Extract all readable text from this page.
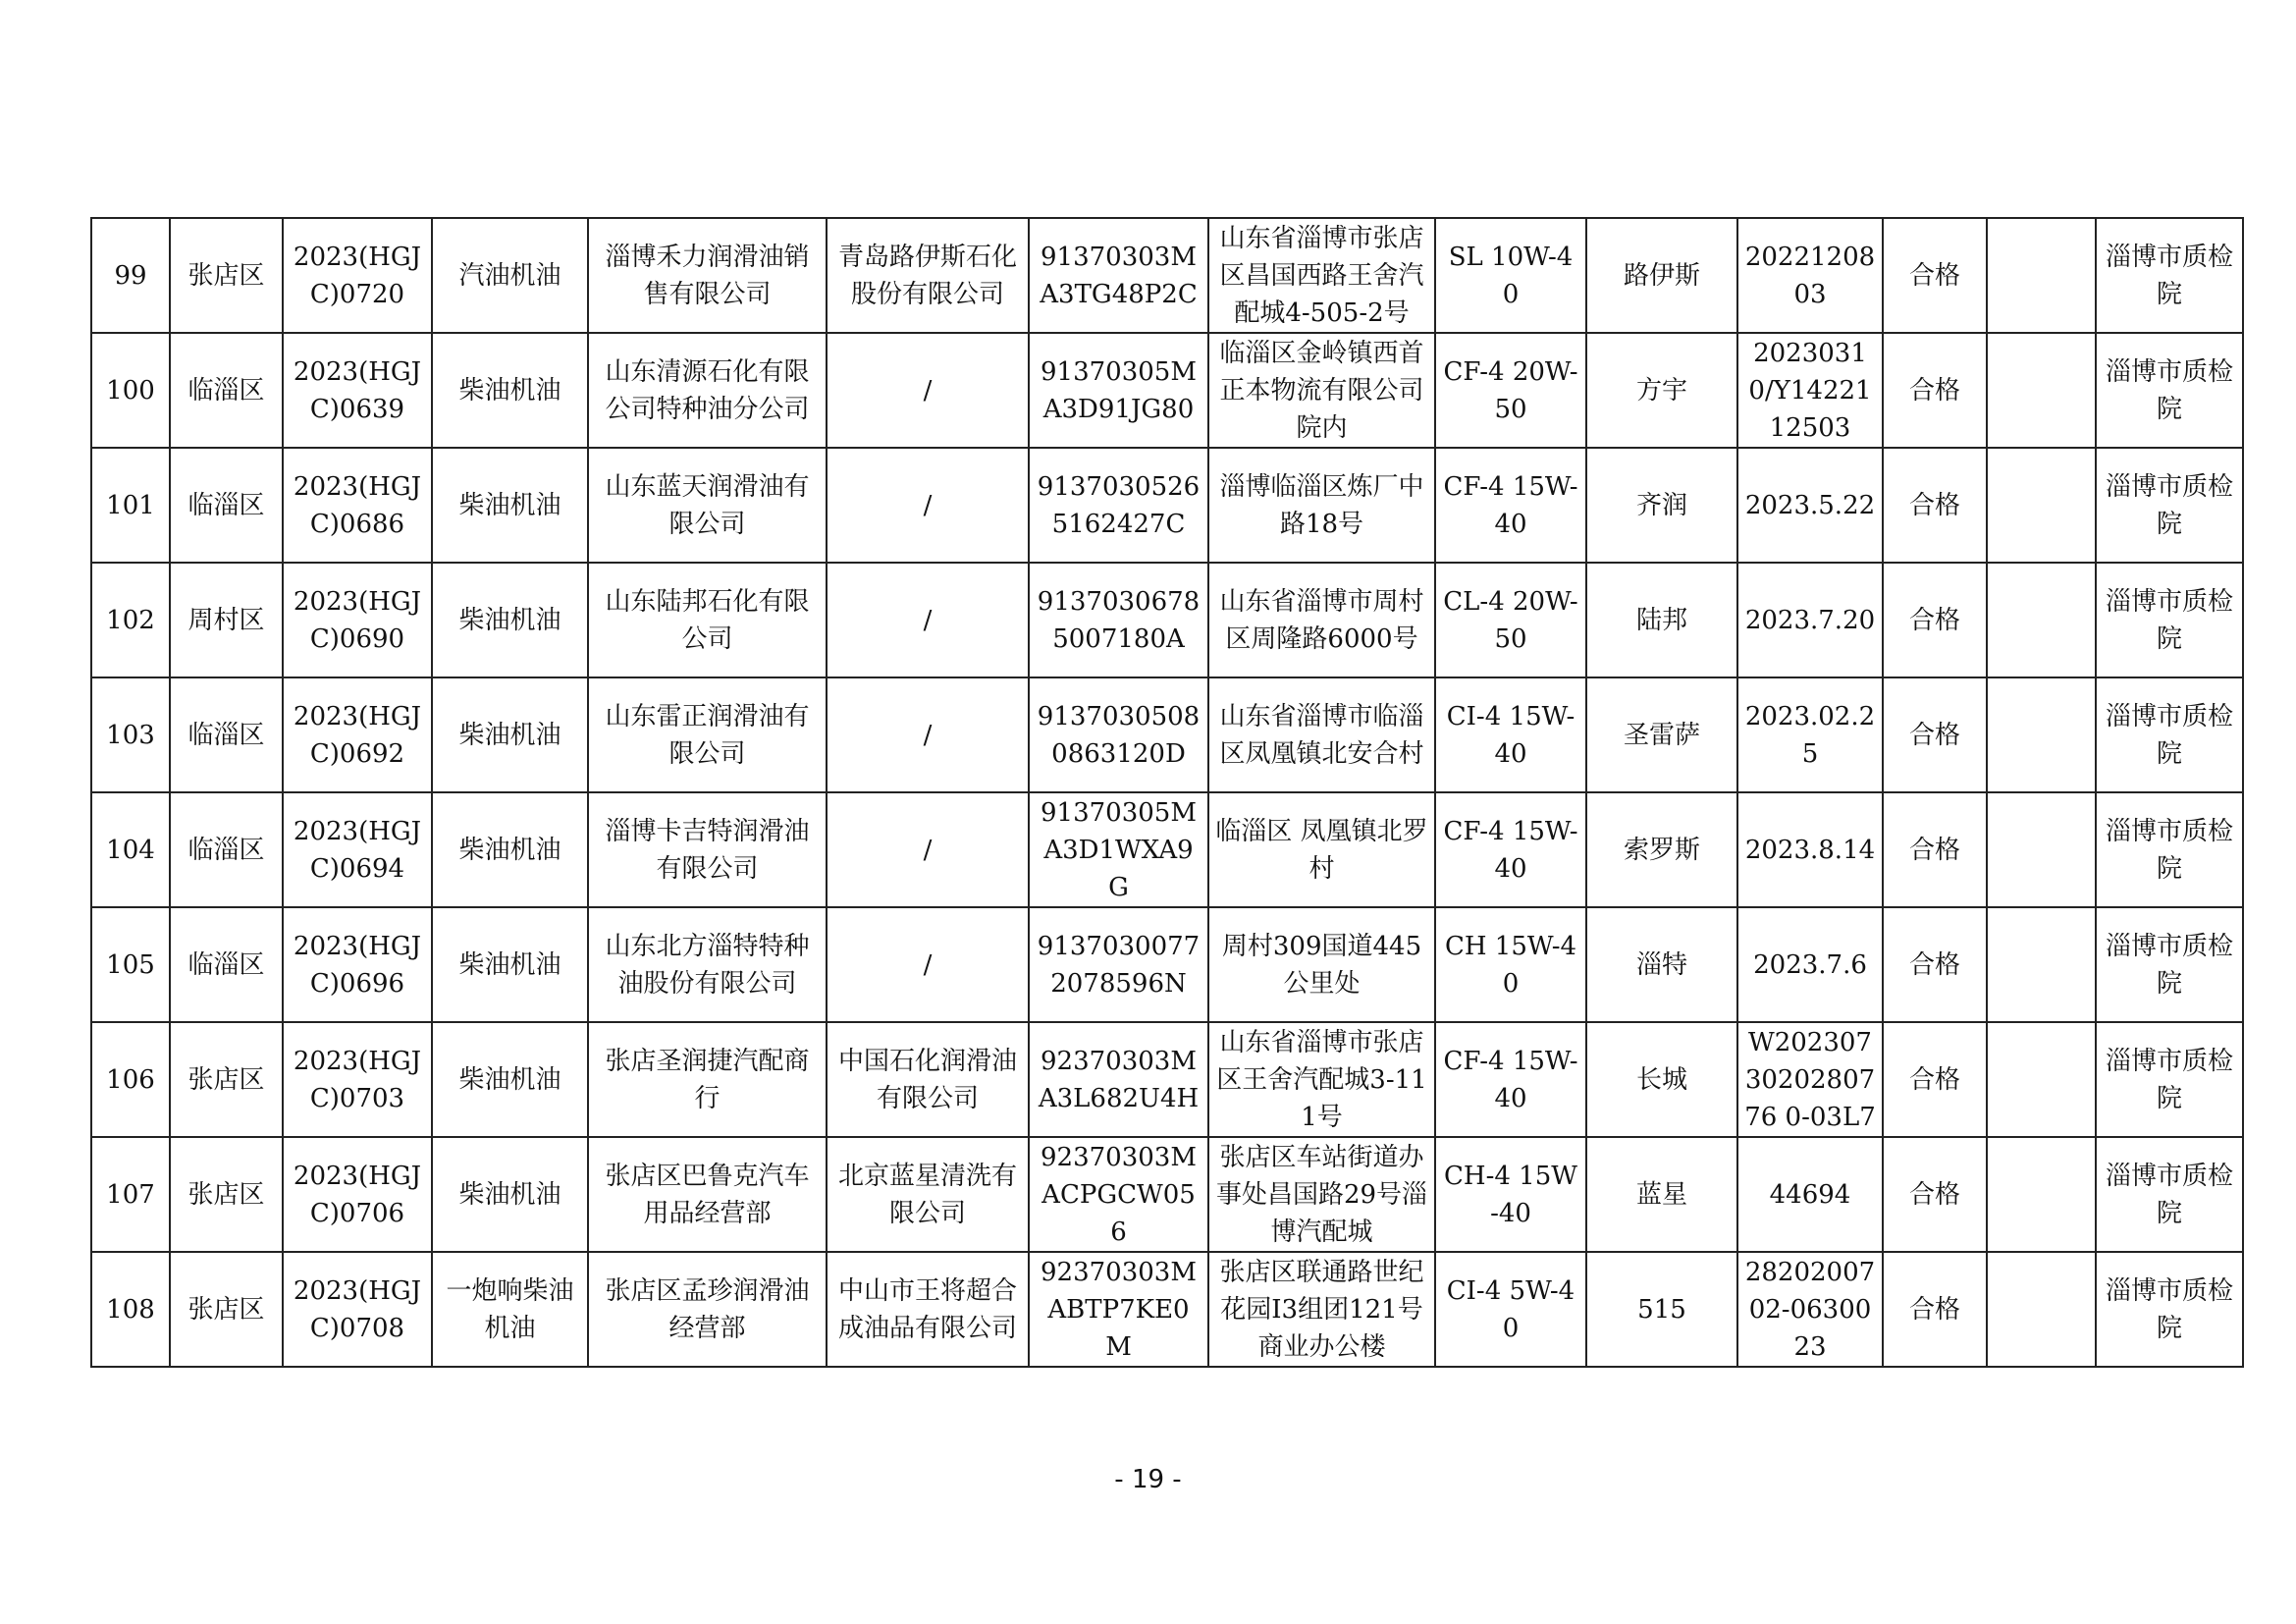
99	张店区	2023(HGJC)0720	汽油机油	淄博禾力润滑油销售有限公司	青岛路伊斯石化股份有限公司	91370303MA3TG48P2C	山东省淄博市张店区昌国西路王舍汽配城4-505-2号	SL 10W-40	路伊斯	2022120803	合格		淄博市质检院
100	临淄区	2023(HGJC)0639	柴油机油	山东清源石化有限公司特种油分公司	/	91370305MA3D91JG80	临淄区金岭镇西首正本物流有限公司院内	CF-4 20W-50	方宇	20230310/Y1422112503	合格		淄博市质检院
101	临淄区	2023(HGJC)0686	柴油机油	山东蓝天润滑油有限公司	/	91370305265162427C	淄博临淄区炼厂中路18号	CF-4 15W-40	齐润	2023.5.22	合格		淄博市质检院
102	周村区	2023(HGJC)0690	柴油机油	山东陆邦石化有限公司	/	91370306785007180A	山东省淄博市周村区周隆路6000号	CL-4 20W-50	陆邦	2023.7.20	合格		淄博市质检院
103	临淄区	2023(HGJC)0692	柴油机油	山东雷正润滑油有限公司	/	91370305080863120D	山东省淄博市临淄区凤凰镇北安合村	CI-4 15W-40	圣雷萨	2023.02.25	合格		淄博市质检院
104	临淄区	2023(HGJC)0694	柴油机油	淄博卡吉特润滑油有限公司	/	91370305MA3D1WXA9G	临淄区 凤凰镇北罗村	CF-4 15W-40	索罗斯	2023.8.14	合格		淄博市质检院
105	临淄区	2023(HGJC)0696	柴油机油	山东北方淄特特种油股份有限公司	/	91370300772078596N	周村309国道445公里处	CH 15W-40	淄特	2023.7.6	合格		淄博市质检院
106	张店区	2023(HGJC)0703	柴油机油	张店圣润捷汽配商行	中国石化润滑油有限公司	92370303MA3L682U4H	山东省淄博市张店区王舍汽配城3-111号	CF-4 15W-40	长城	W2023073020280776 0-03L7	合格		淄博市质检院
107	张店区	2023(HGJC)0706	柴油机油	张店区巴鲁克汽车用品经营部	北京蓝星清洗有限公司	92370303MACPGCW056	张店区车站街道办事处昌国路29号淄博汽配城	CH-4 15W-40	蓝星	44694	合格		淄博市质检院
108	张店区	2023(HGJC)0708	一炮响柴油机油	张店区孟珍润滑油经营部	中山市王将超合成油品有限公司	92370303MABTP7KE0M	张店区联通路世纪花园I3组团121号商业办公楼	CI-4 5W-40	515	2820200702-0630023	合格		淄博市质检院
- 19 -
